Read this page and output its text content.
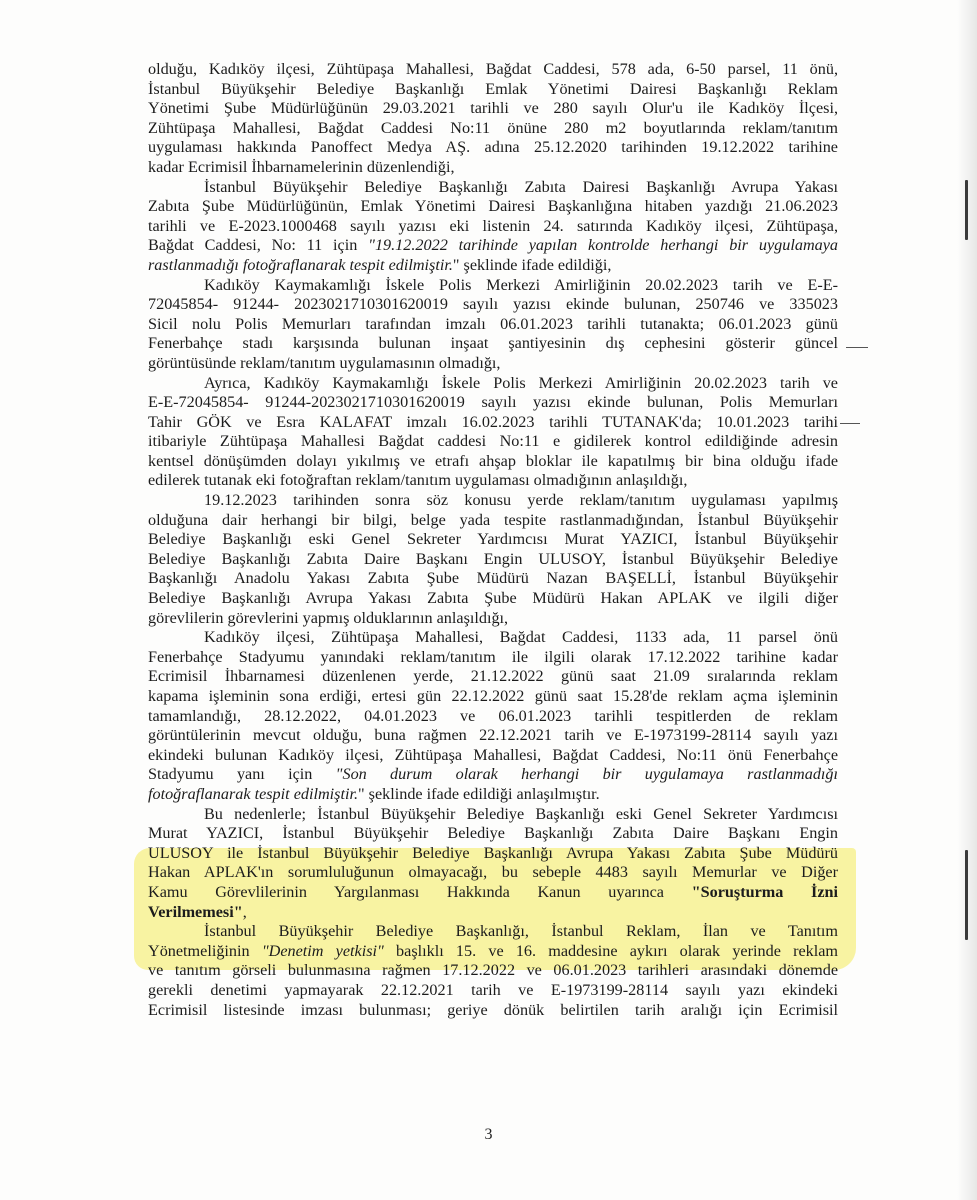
olduğu, Kadıköy ilçesi, Zühtüpaşa Mahallesi, Bağdat Caddesi, 578 ada, 6-50 parsel, 11 önü,
İstanbul Büyükşehir Belediye Başkanlığı Emlak Yönetimi Dairesi Başkanlığı Reklam
Yönetimi Şube Müdürlüğünün 29.03.2021 tarihli ve 280 sayılı Olur'u ile Kadıköy İlçesi,
Zühtüpaşa Mahallesi, Bağdat Caddesi No:11 önüne 280 m2 boyutlarında reklam/tanıtım
uygulaması hakkında Panoffect Medya AŞ. adına 25.12.2020 tarihinden 19.12.2022 tarihine
kadar Ecrimisil İhbarnamelerinin düzenlendiği,
İstanbul Büyükşehir Belediye Başkanlığı Zabıta Dairesi Başkanlığı Avrupa Yakası
Zabıta Şube Müdürlüğünün, Emlak Yönetimi Dairesi Başkanlığına hitaben yazdığı 21.06.2023
tarihli ve E-2023.1000468 sayılı yazısı eki listenin 24. satırında Kadıköy ilçesi, Zühtüpaşa,
Bağdat Caddesi, No: 11 için "19.12.2022 tarihinde yapılan kontrolde herhangi bir uygulamaya
rastlanmadığı fotoğraflanarak tespit edilmiştir." şeklinde ifade edildiği,
Kadıköy Kaymakamlığı İskele Polis Merkezi Amirliğinin 20.02.2023 tarih ve E-E-
72045854- 91244- 2023021710301620019 sayılı yazısı ekinde bulunan, 250746 ve 335023
Sicil nolu Polis Memurları tarafından imzalı 06.01.2023 tarihli tutanakta; 06.01.2023 günü
Fenerbahçe stadı karşısında bulunan inşaat şantiyesinin dış cephesini gösterir güncel
görüntüsünde reklam/tanıtım uygulamasının olmadığı,
Ayrıca, Kadıköy Kaymakamlığı İskele Polis Merkezi Amirliğinin 20.02.2023 tarih ve
E-E-72045854- 91244-2023021710301620019 sayılı yazısı ekinde bulunan, Polis Memurları
Tahir GÖK ve Esra KALAFAT imzalı 16.02.2023 tarihli TUTANAK'da; 10.01.2023 tarihi
itibariyle Zühtüpaşa Mahallesi Bağdat caddesi No:11 e gidilerek kontrol edildiğinde adresin
kentsel dönüşümden dolayı yıkılmış ve etrafı ahşap bloklar ile kapatılmış bir bina olduğu ifade
edilerek tutanak eki fotoğraftan reklam/tanıtım uygulaması olmadığının anlaşıldığı,
19.12.2023 tarihinden sonra söz konusu yerde reklam/tanıtım uygulaması yapılmış
olduğuna dair herhangi bir bilgi, belge yada tespite rastlanmadığından, İstanbul Büyükşehir
Belediye Başkanlığı eski Genel Sekreter Yardımcısı Murat YAZICI, İstanbul Büyükşehir
Belediye Başkanlığı Zabıta Daire Başkanı Engin ULUSOY, İstanbul Büyükşehir Belediye
Başkanlığı Anadolu Yakası Zabıta Şube Müdürü Nazan BAŞELLİ, İstanbul Büyükşehir
Belediye Başkanlığı Avrupa Yakası Zabıta Şube Müdürü Hakan APLAK ve ilgili diğer
görevlilerin görevlerini yapmış olduklarının anlaşıldığı,
Kadıköy ilçesi, Zühtüpaşa Mahallesi, Bağdat Caddesi, 1133 ada, 11 parsel önü
Fenerbahçe Stadyumu yanındaki reklam/tanıtım ile ilgili olarak 17.12.2022 tarihine kadar
Ecrimisil İhbarnamesi düzenlenen yerde, 21.12.2022 günü saat 21.09 sıralarında reklam
kapama işleminin sona erdiği, ertesi gün 22.12.2022 günü saat 15.28'de reklam açma işleminin
tamamlandığı, 28.12.2022, 04.01.2023 ve 06.01.2023 tarihli tespitlerden de reklam
görüntülerinin mevcut olduğu, buna rağmen 22.12.2021 tarih ve E-1973199-28114 sayılı yazı
ekindeki bulunan Kadıköy ilçesi, Zühtüpaşa Mahallesi, Bağdat Caddesi, No:11 önü Fenerbahçe
Stadyumu yanı için "Son durum olarak herhangi bir uygulamaya rastlanmadığı
fotoğraflanarak tespit edilmiştir." şeklinde ifade edildiği anlaşılmıştır.
Bu nedenlerle; İstanbul Büyükşehir Belediye Başkanlığı eski Genel Sekreter Yardımcısı
Murat YAZICI, İstanbul Büyükşehir Belediye Başkanlığı Zabıta Daire Başkanı Engin
ULUSOY ile İstanbul Büyükşehir Belediye Başkanlığı Avrupa Yakası Zabıta Şube Müdürü
Hakan APLAK'ın sorumluluğunun olmayacağı, bu sebeple 4483 sayılı Memurlar ve Diğer
Kamu Görevlilerinin Yargılanması Hakkında Kanun uyarınca "Soruşturma İzni
Verilmemesi",
İstanbul Büyükşehir Belediye Başkanlığı, İstanbul Reklam, İlan ve Tanıtım
Yönetmeliğinin "Denetim yetkisi" başlıklı 15. ve 16. maddesine aykırı olarak yerinde reklam
ve tanıtım görseli bulunmasına rağmen 17.12.2022 ve 06.01.2023 tarihleri arasındaki dönemde
gerekli denetimi yapmayarak 22.12.2021 tarih ve E-1973199-28114 sayılı yazı ekindeki
Ecrimisil listesinde imzası bulunması; geriye dönük belirtilen tarih aralığı için Ecrimisil
3
